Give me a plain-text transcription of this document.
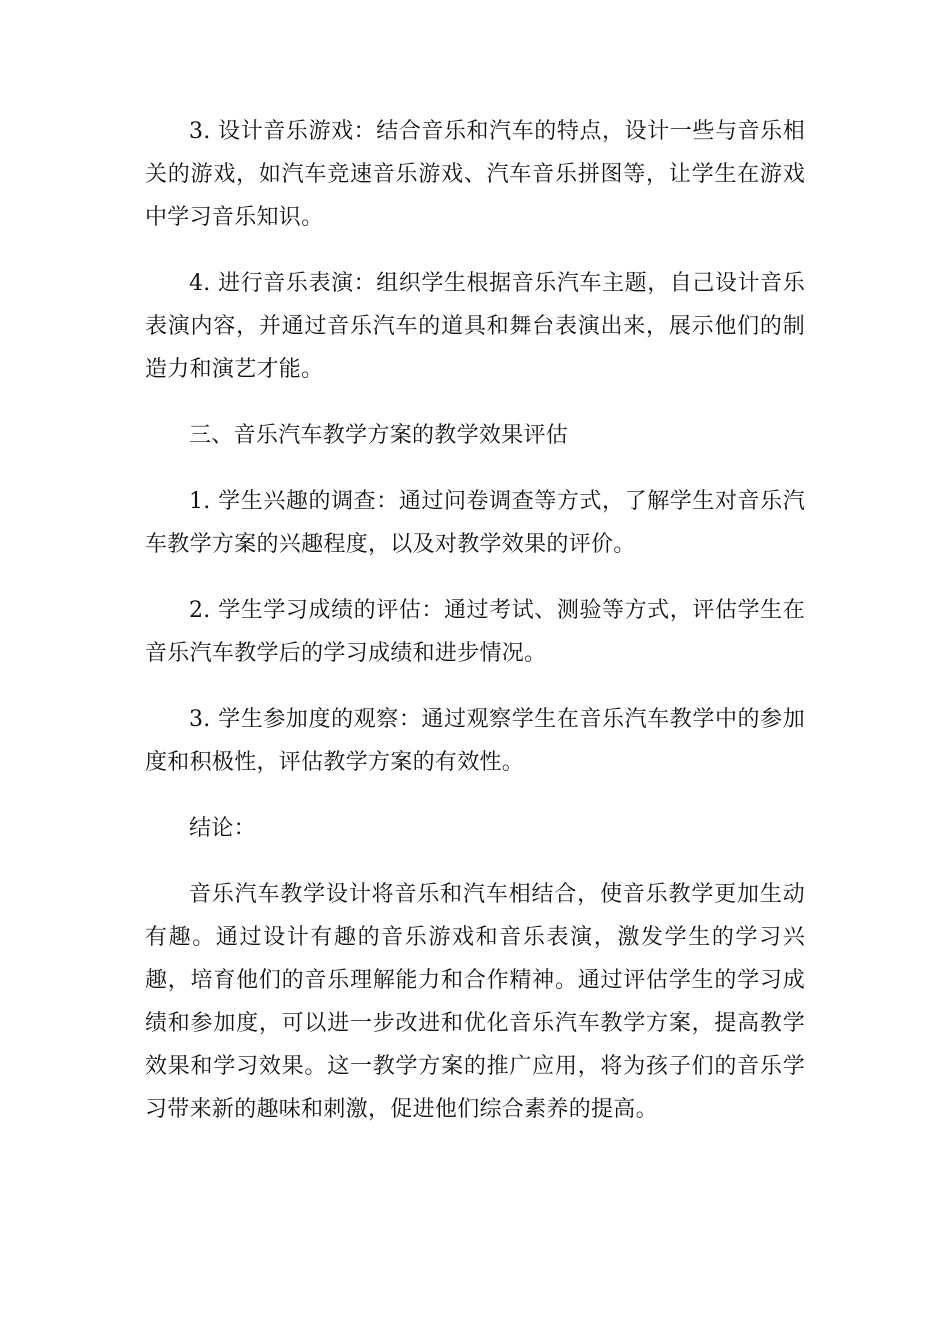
3. 设计音乐游戏：结合音乐和汽车的特点，设计一些与音乐相关的游戏，如汽车竞速音乐游戏、汽车音乐拼图等，让学生在游戏中学习音乐知识。

4. 进行音乐表演：组织学生根据音乐汽车主题，自己设计音乐表演内容，并通过音乐汽车的道具和舞台表演出来，展示他们的制造力和演艺才能。

三、音乐汽车教学方案的教学效果评估

1. 学生兴趣的调查：通过问卷调查等方式，了解学生对音乐汽车教学方案的兴趣程度，以及对教学效果的评价。

2. 学生学习成绩的评估：通过考试、测验等方式，评估学生在音乐汽车教学后的学习成绩和进步情况。

3. 学生参加度的观察：通过观察学生在音乐汽车教学中的参加度和积极性，评估教学方案的有效性。

结论：

音乐汽车教学设计将音乐和汽车相结合，使音乐教学更加生动有趣。通过设计有趣的音乐游戏和音乐表演，激发学生的学习兴趣，培育他们的音乐理解能力和合作精神。通过评估学生的学习成绩和参加度，可以进一步改进和优化音乐汽车教学方案，提高教学效果和学习效果。这一教学方案的推广应用，将为孩子们的音乐学习带来新的趣味和刺激，促进他们综合素养的提高。
